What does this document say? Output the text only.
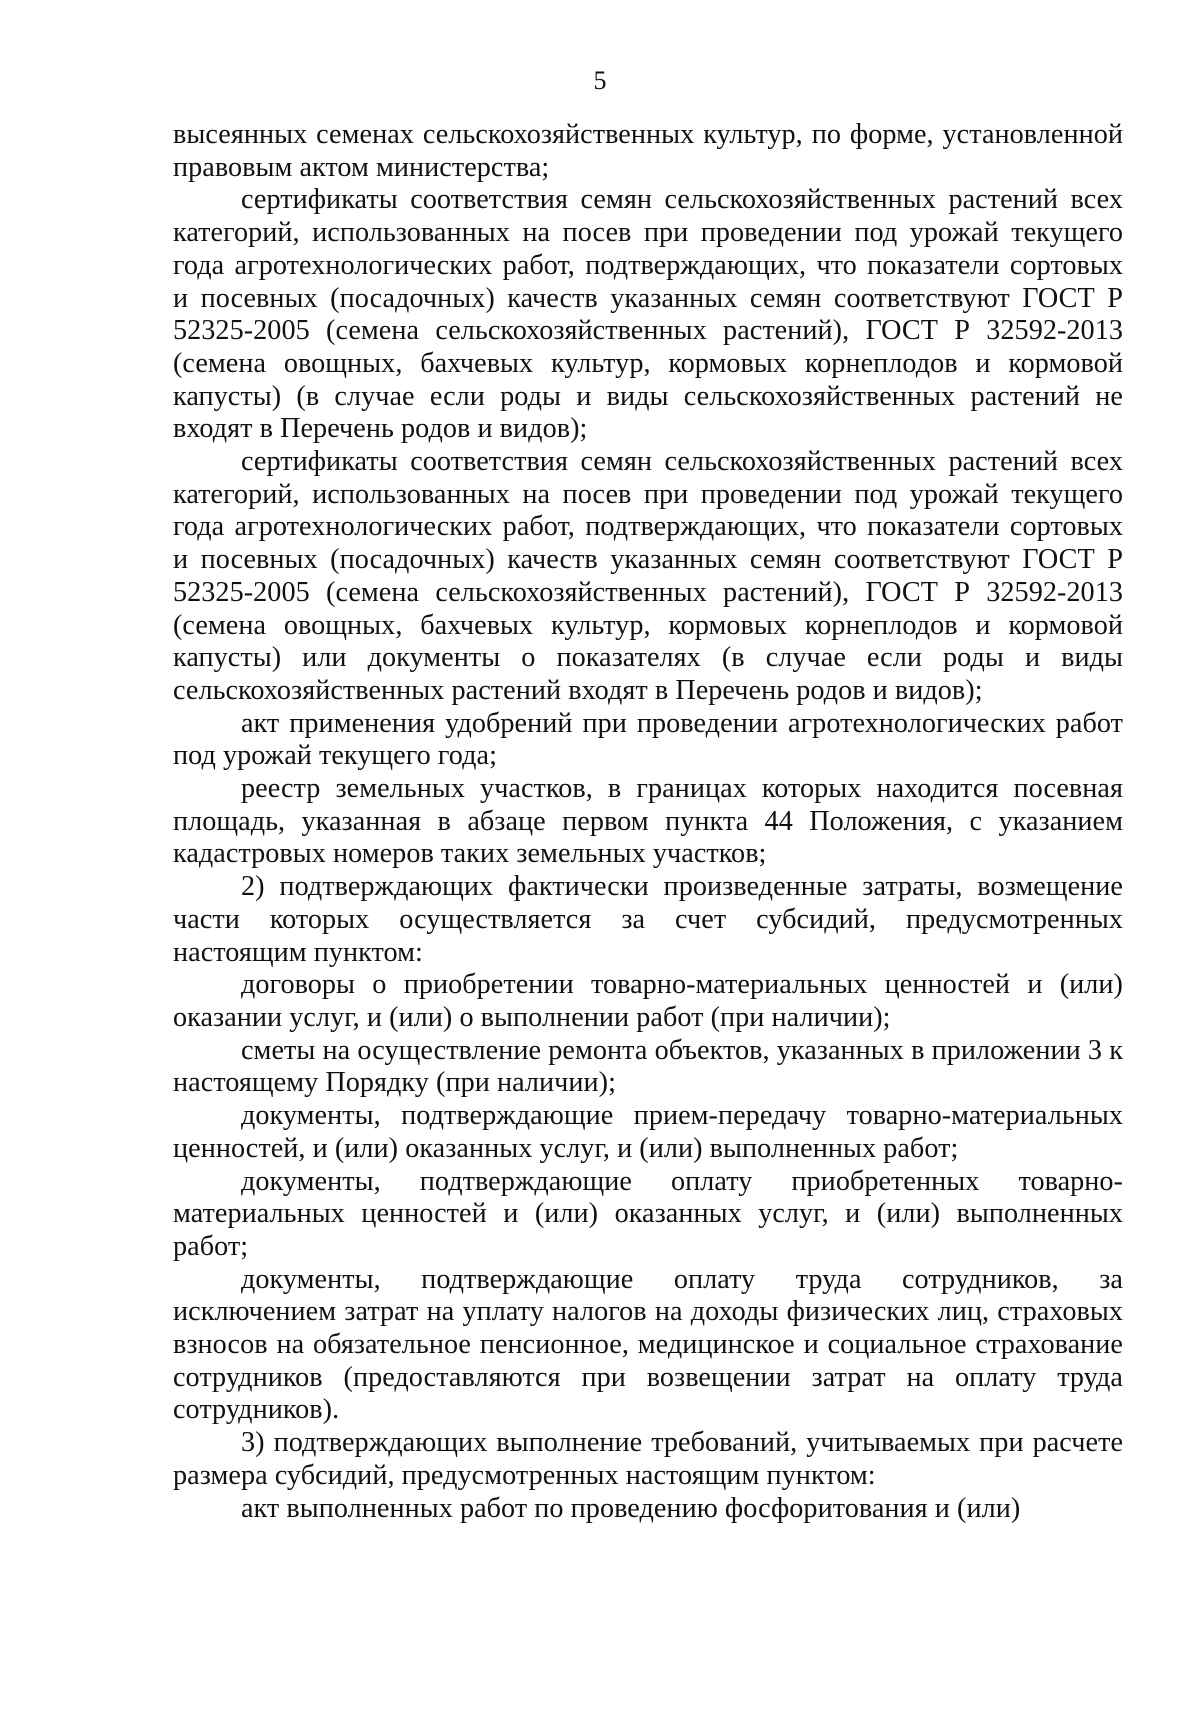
5

высеянных семенах сельскохозяйственных культур, по форме, установленной правовым актом министерства;

сертификаты соответствия семян сельскохозяйственных растений всех категорий, использованных на посев при проведении под урожай текущего года агротехнологических работ, подтверждающих, что показатели сортовых и посевных (посадочных) качеств указанных семян соответствуют ГОСТ Р 52325-2005 (семена сельскохозяйственных растений), ГОСТ Р 32592-2013 (семена овощных, бахчевых культур, кормовых корнеплодов и кормовой капусты) (в случае если роды и виды сельскохозяйственных растений не входят в Перечень родов и видов);

сертификаты соответствия семян сельскохозяйственных растений всех категорий, использованных на посев при проведении под урожай текущего года агротехнологических работ, подтверждающих, что показатели сортовых и посевных (посадочных) качеств указанных семян соответствуют ГОСТ Р 52325-2005 (семена сельскохозяйственных растений), ГОСТ Р 32592-2013 (семена овощных, бахчевых культур, кормовых корнеплодов и кормовой капусты) или документы о показателях (в случае если роды и виды сельскохозяйственных растений входят в Перечень родов и видов);

акт применения удобрений при проведении агротехнологических работ под урожай текущего года;

реестр земельных участков, в границах которых находится посевная площадь, указанная в абзаце первом пункта 44 Положения, с указанием кадастровых номеров таких земельных участков;

2) подтверждающих фактически произведенные затраты, возмещение части которых осуществляется за счет субсидий, предусмотренных настоящим пунктом:

договоры о приобретении товарно-материальных ценностей и (или) оказании услуг, и (или) о выполнении работ (при наличии);

сметы на осуществление ремонта объектов, указанных в приложении 3 к настоящему Порядку (при наличии);

документы, подтверждающие прием-передачу товарно-материальных ценностей, и (или) оказанных услуг, и (или) выполненных работ;

документы, подтверждающие оплату приобретенных товарно-материальных ценностей и (или) оказанных услуг, и (или) выполненных работ;

документы, подтверждающие оплату труда сотрудников, за исключением затрат на уплату налогов на доходы физических лиц, страховых взносов на обязательное пенсионное, медицинское и социальное страхование сотрудников (предоставляются при возвещении затрат на оплату труда сотрудников).

3) подтверждающих выполнение требований, учитываемых при расчете размера субсидий, предусмотренных настоящим пунктом:

акт выполненных работ по проведению фосфоритования и (или)
